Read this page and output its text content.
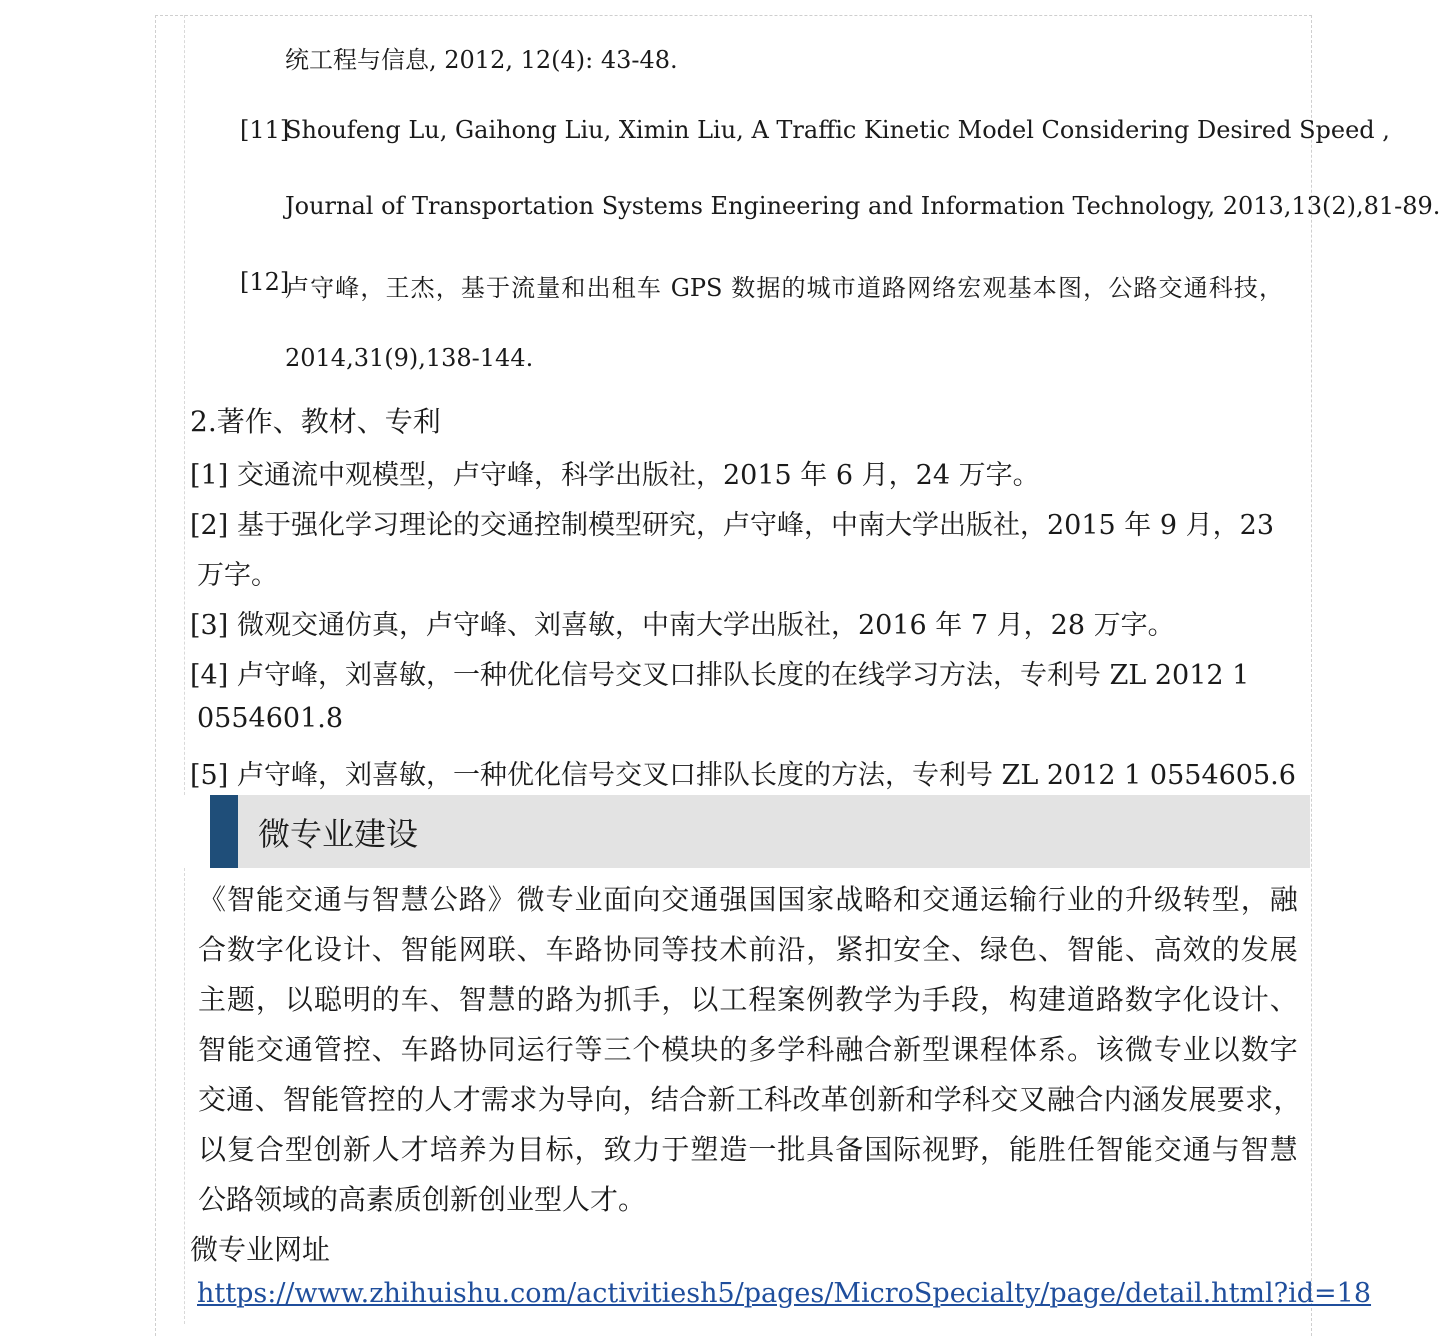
统工程与信息, 2012, 12(4): 43-48.
[11]
Shoufeng Lu, Gaihong Liu, Ximin Liu, A Traffic Kinetic Model Considering Desired Speed ,
Journal of Transportation Systems Engineering and Information Technology, 2013,13(2),81-89.
[12]
卢守峰，王杰，基于流量和出租车 GPS 数据的城市道路网络宏观基本图，公路交通科技，
2014,31(9),138-144.
2.著作、教材、专利
[1] 交通流中观模型，卢守峰，科学出版社，2015 年 6 月，24 万字。
[2] 基于强化学习理论的交通控制模型研究，卢守峰，中南大学出版社，2015 年 9 月，23
万字。
[3] 微观交通仿真，卢守峰、刘喜敏，中南大学出版社，2016 年 7 月，28 万字。
[4] 卢守峰，刘喜敏，一种优化信号交叉口排队长度的在线学习方法，专利号 ZL 2012 1
0554601.8
[5] 卢守峰，刘喜敏，一种优化信号交叉口排队长度的方法，专利号 ZL 2012 1 0554605.6
微专业建设
《智能交通与智慧公路》微专业面向交通强国国家战略和交通运输行业的升级转型，融
合数字化设计、智能网联、车路协同等技术前沿，紧扣安全、绿色、智能、高效的发展
主题，以聪明的车、智慧的路为抓手，以工程案例教学为手段，构建道路数字化设计、
智能交通管控、车路协同运行等三个模块的多学科融合新型课程体系。该微专业以数字
交通、智能管控的人才需求为导向，结合新工科改革创新和学科交叉融合内涵发展要求，
以复合型创新人才培养为目标，致力于塑造一批具备国际视野，能胜任智能交通与智慧
公路领域的高素质创新创业型人才。
微专业网址
https://www.zhihuishu.com/activitiesh5/pages/MicroSpecialty/page/detail.html?id=18
